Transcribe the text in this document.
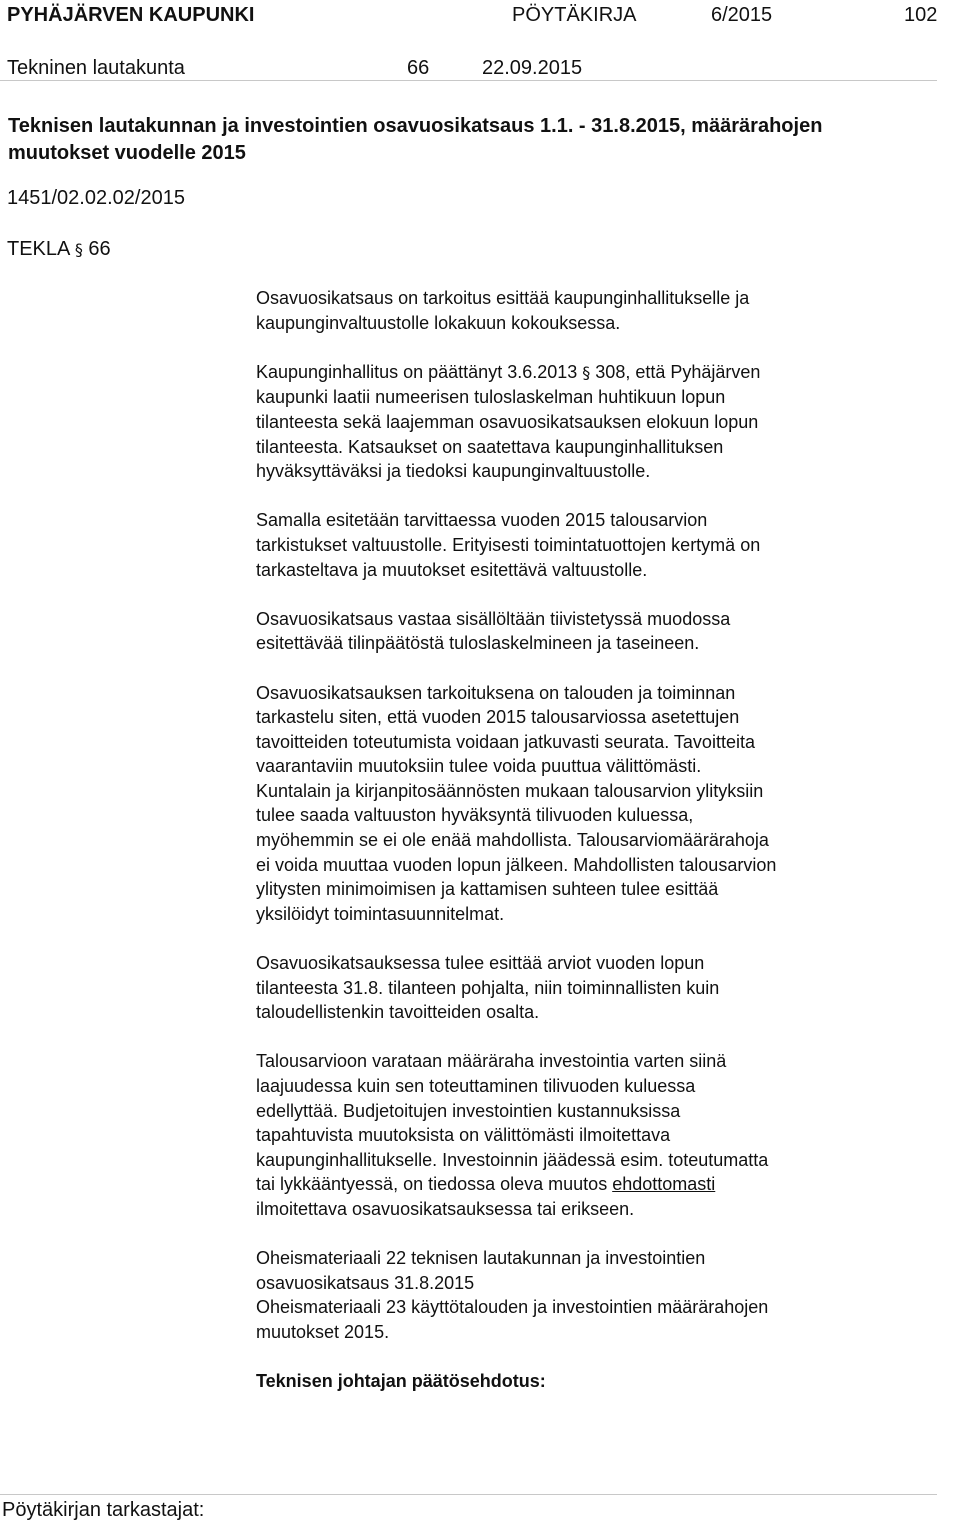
PYHÄJÄRVEN KAUPUNKI	PÖYTÄKIRJA	6/2015	102
Tekninen lautakunta	66	22.09.2015
Teknisen lautakunnan ja investointien osavuosikatsaus 1.1. - 31.8.2015, määrärahojen
muutokset vuodelle 2015
1451/02.02.02/2015
TEKLA § 66

Osavuosikatsaus on tarkoitus esittää kaupunginhallitukselle ja

kaupunginvaltuustolle lokakuun kokouksessa.

Kaupunginhallitus on päättänyt 3.6.2013 § 308, että Pyhäjärven

kaupunki laatii numeerisen tuloslaskelman huhtikuun lopun

tilanteesta sekä laajemman osavuosikatsauksen elokuun lopun

tilanteesta. Katsaukset on saatettava kaupunginhallituksen

hyväksyttäväksi ja tiedoksi kaupunginvaltuustolle.

Samalla esitetään tarvittaessa vuoden 2015 talousarvion

tarkistukset valtuustolle. Erityisesti toimintatuottojen kertymä on

tarkasteltava ja muutokset esitettävä valtuustolle.

Osavuosikatsaus vastaa sisällöltään tiivistetyssä muodossa

esitettävää tilinpäätöstä tuloslaskelmineen ja taseineen.

Osavuosikatsauksen tarkoituksena on talouden ja toiminnan

tarkastelu siten, että vuoden 2015 talousarviossa asetettujen

tavoitteiden toteutumista voidaan jatkuvasti seurata. Tavoitteita

vaarantaviin muutoksiin tulee voida puuttua välittömästi.

Kuntalain ja kirjanpitosäännösten mukaan talousarvion ylityksiin

tulee saada valtuuston hyväksyntä tilivuoden kuluessa,

myöhemmin se ei ole enää mahdollista. Talousarviomäärärahoja

ei voida muuttaa vuoden lopun jälkeen. Mahdollisten talousarvion

ylitysten minimoimisen ja kattamisen suhteen tulee esittää

yksilöidyt toimintasuunnitelmat.

Osavuosikatsauksessa tulee esittää arviot vuoden lopun

tilanteesta 31.8. tilanteen pohjalta, niin toiminnallisten kuin

taloudellistenkin tavoitteiden osalta.

Talousarvioon varataan määräraha investointia varten siinä

laajuudessa kuin sen toteuttaminen tilivuoden kuluessa

edellyttää. Budjetoitujen investointien kustannuksissa

tapahtuvista muutoksista on välittömästi ilmoitettava

kaupunginhallitukselle. Investoinnin jäädessä esim. toteutumatta

tai lykkääntyessä, on tiedossa oleva muutos ehdottomasti

ilmoitettava osavuosikatsauksessa tai erikseen.

Oheismateriaali 22 teknisen lautakunnan ja investointien

osavuosikatsaus 31.8.2015

Oheismateriaali 23 käyttötalouden ja investointien määrärahojen

muutokset 2015.

Teknisen johtajan päätösehdotus:

Pöytäkirjan tarkastajat:
